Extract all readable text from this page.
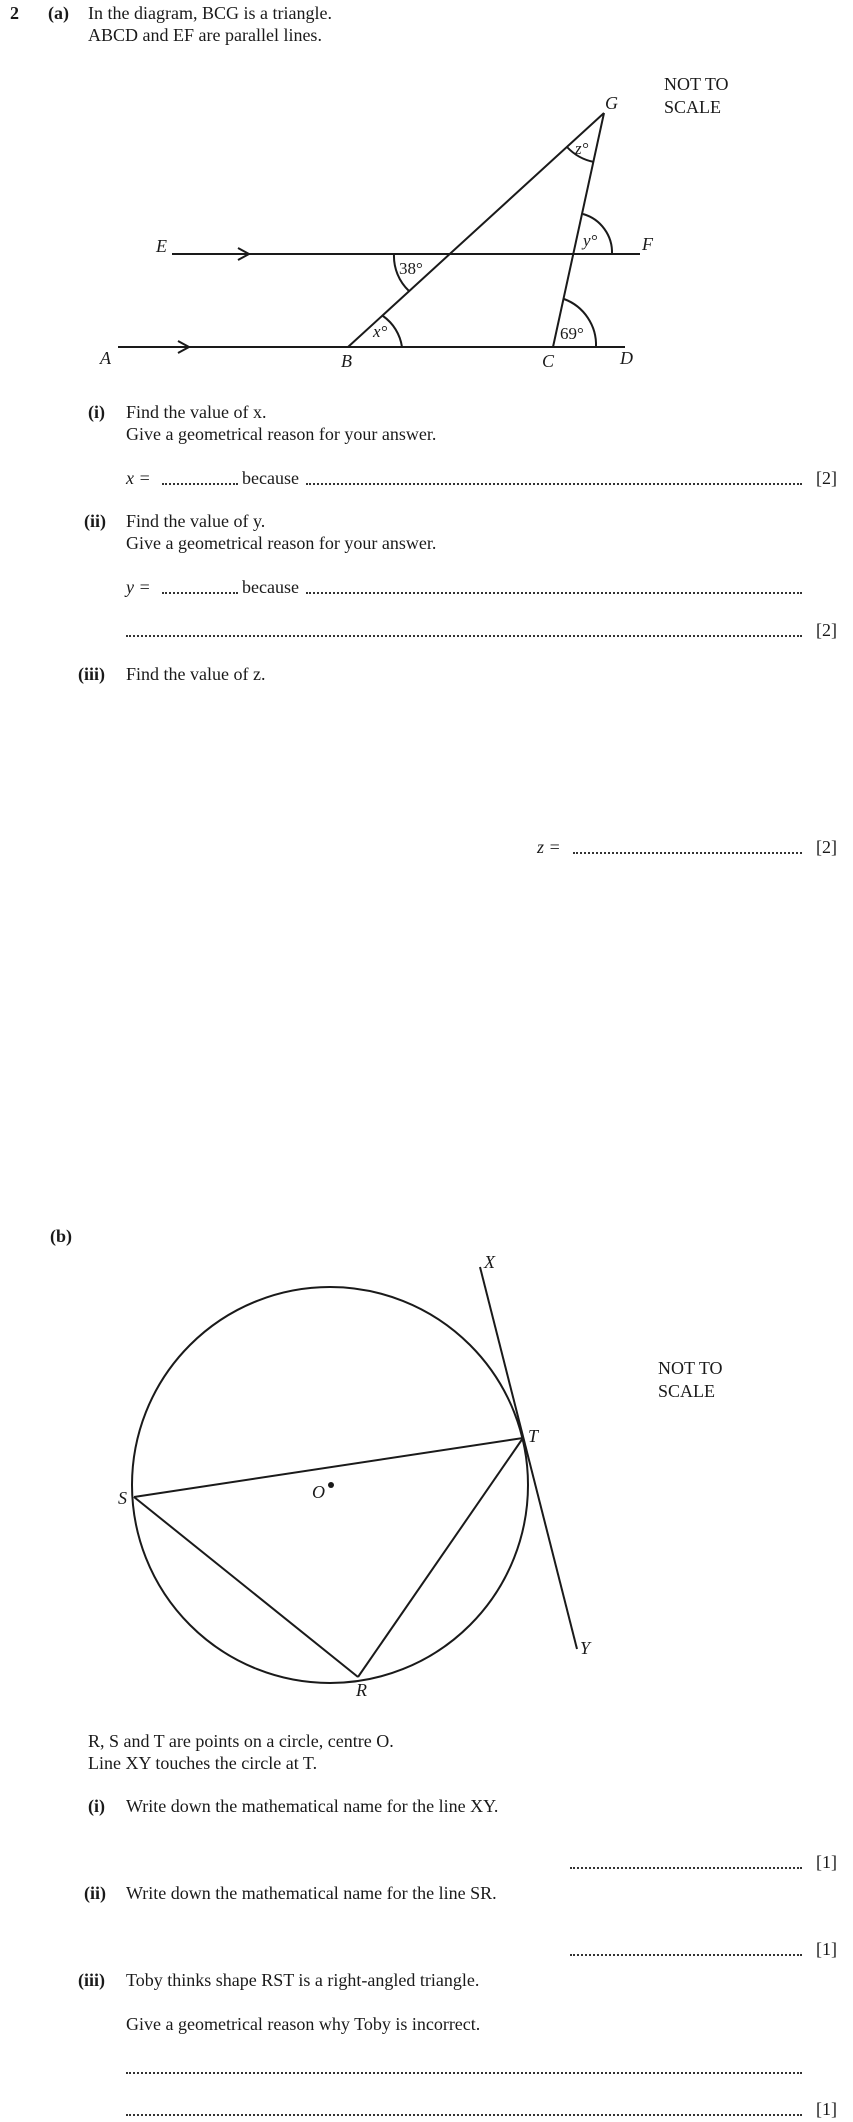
2 (a) In the diagram, BCG is a triangle.
ABCD and EF are parallel lines.
G
E	F
A	B	C	D
z°
y°
38°
x°	69°
NOT TO
SCALE
(i) Find the value of x.
Give a geometrical reason for your answer.
x =	because	[2]
(ii) Find the value of y.
Give a geometrical reason for your answer.
y =	because
[2]
(iii) Find the value of z.
z =	[2]
(b)
X
T
S	O
Y
R
NOT TO
SCALE
R, S and T are points on a circle, centre O.
Line XY touches the circle at T.
(i) Write down the mathematical name for the line XY.
[1]
(ii) Write down the mathematical name for the line SR.
[1]
(iii) Toby thinks shape RST is a right-angled triangle.
Give a geometrical reason why Toby is incorrect.
[1]
